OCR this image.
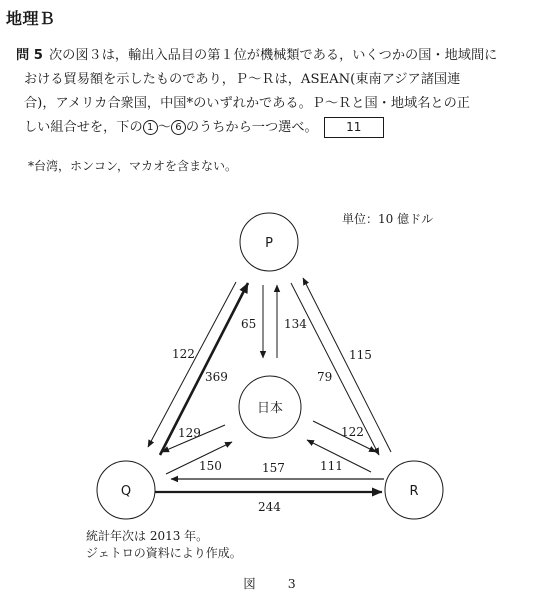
地理Ｂ
問 5 次の図３は，輸出入品目の第１位が機械類である，いくつかの国・地域間に
おける貿易額を示したものであり，Ｐ～Ｒは，ASEAN(東南アジア諸国連
合)，アメリカ合衆国，中国*のいずれかである。Ｐ～Ｒと国・地域名との正
しい組合せを，下の 1 ～ 6 のうちから一つ選べ。 11
*台湾，ホンコン，マカオを含まない。
単位：10 億ドル
P
Q	R
日本
65 134
122
369
115
79
129
150
122
111
157
244
統計年次は 2013 年。
ジェトロの資料により作成。
図 3
